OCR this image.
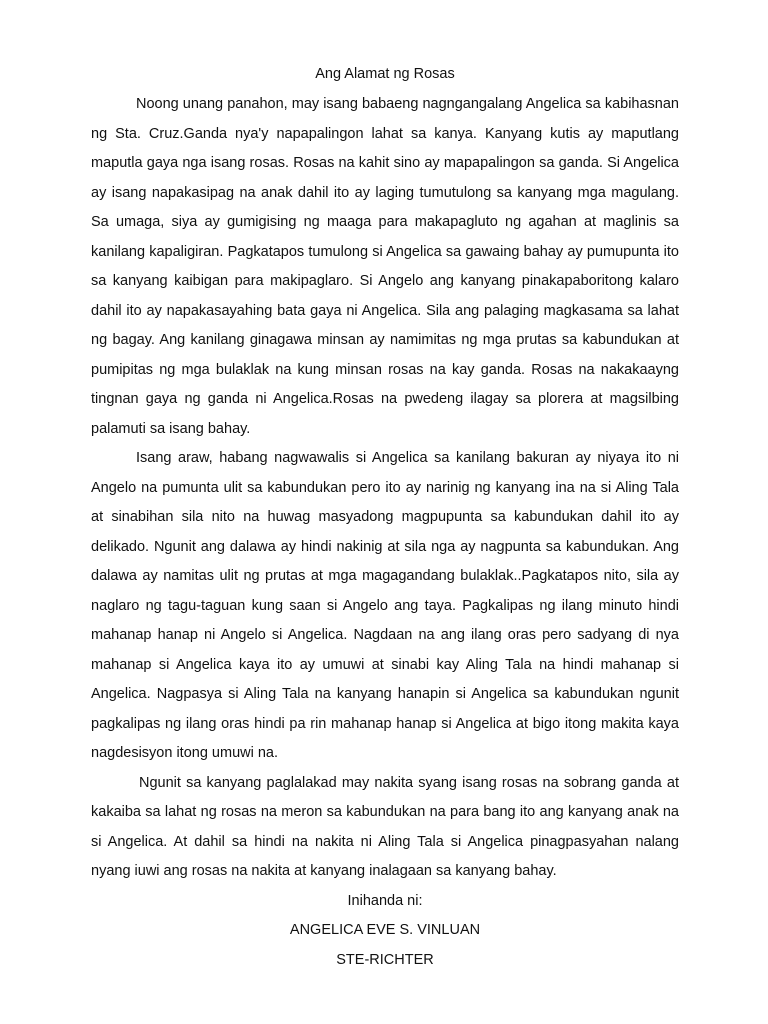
Ang Alamat ng Rosas

Noong unang panahon, may isang babaeng nagngangalang Angelica sa kabihasnan ng Sta. Cruz.Ganda nya'y napapalingon lahat sa kanya. Kanyang kutis ay maputlang maputla gaya nga isang rosas. Rosas na kahit sino ay mapapalingon sa ganda. Si Angelica ay isang napakasipag na anak dahil ito ay laging tumutulong sa kanyang mga magulang. Sa umaga, siya ay gumigising ng maaga para makapagluto ng agahan at maglinis sa kanilang kapaligiran. Pagkatapos tumulong si Angelica sa gawaing bahay ay pumupunta ito sa kanyang kaibigan para makipaglaro. Si Angelo ang kanyang pinakapaboritong kalaro dahil ito ay napakasayahing bata gaya ni Angelica. Sila ang palaging magkasama sa lahat ng bagay. Ang kanilang ginagawa minsan ay namimitas ng mga prutas sa kabundukan at pumipitas ng mga bulaklak na kung minsan rosas na kay ganda. Rosas na nakakaayng tingnan gaya ng ganda ni Angelica.Rosas na pwedeng ilagay sa plorera at magsilbing palamuti sa isang bahay.

Isang araw, habang nagwawalis si Angelica sa kanilang bakuran ay niyaya ito ni Angelo na pumunta ulit sa kabundukan pero ito ay narinig ng kanyang ina na si Aling Tala at sinabihan sila nito na huwag masyadong magpupunta sa kabundukan dahil ito ay delikado. Ngunit ang dalawa ay hindi nakinig at sila nga ay nagpunta sa kabundukan. Ang dalawa ay namitas ulit ng prutas at mga magagandang bulaklak..Pagkatapos nito, sila ay naglaro ng tagu-taguan kung saan si Angelo ang taya. Pagkalipas ng ilang minuto hindi mahanap hanap ni Angelo si Angelica. Nagdaan na ang ilang oras pero sadyang di nya mahanap si Angelica kaya ito ay umuwi at sinabi kay Aling Tala na hindi mahanap si Angelica. Nagpasya si Aling Tala na kanyang hanapin si Angelica sa kabundukan ngunit pagkalipas ng ilang oras hindi pa rin mahanap hanap si Angelica at bigo itong makita kaya nagdesisyon itong umuwi na.

Ngunit sa kanyang paglalakad may nakita syang isang rosas na sobrang ganda at kakaiba sa lahat ng rosas na meron sa kabundukan na para bang ito ang kanyang anak na si Angelica. At dahil sa hindi na nakita ni Aling Tala si Angelica pinagpasyahan nalang nyang iuwi ang rosas na nakita at kanyang inalagaan sa kanyang bahay.

Inihanda ni:

ANGELICA EVE S. VINLUAN

STE-RICHTER
